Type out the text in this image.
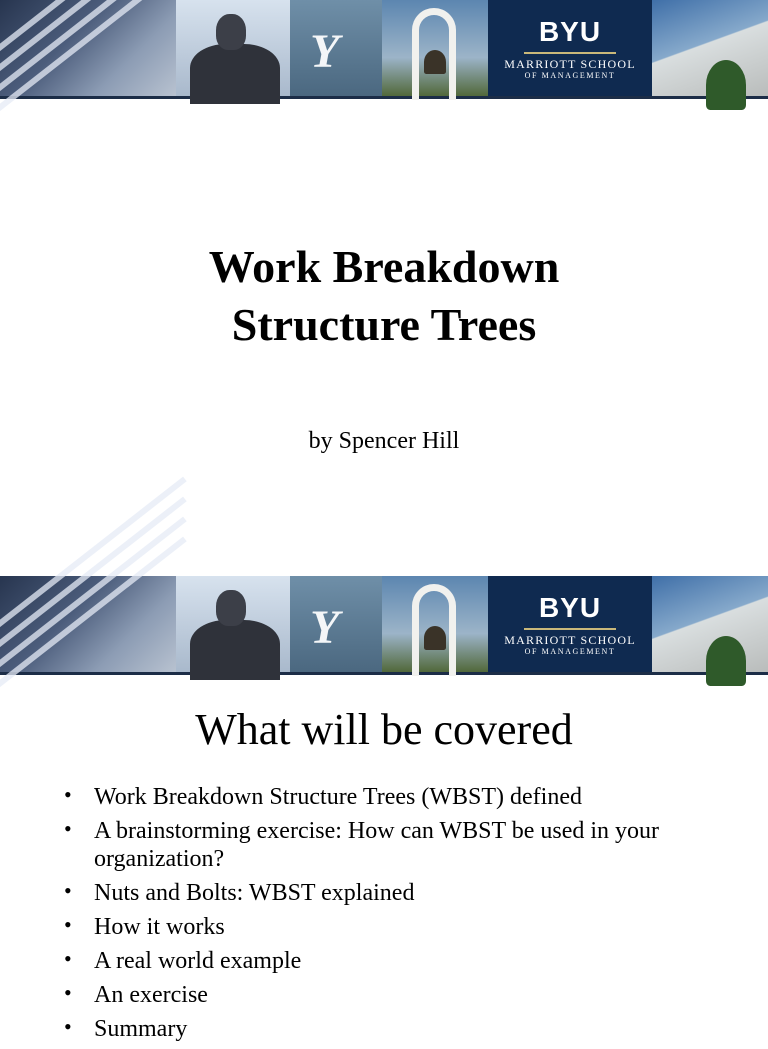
Y	BYU
MARRIOTT SCHOOL
OF MANAGEMENT
Work Breakdown
Structure Trees
by Spencer Hill
Y	BYU
MARRIOTT SCHOOL
OF MANAGEMENT
What will be covered
• Work Breakdown Structure Trees (WBST) defined
• A brainstorming exercise: How can WBST be used in your organization?
• Nuts and Bolts: WBST explained
• How it works
• A real world example
• An exercise
• Summary
